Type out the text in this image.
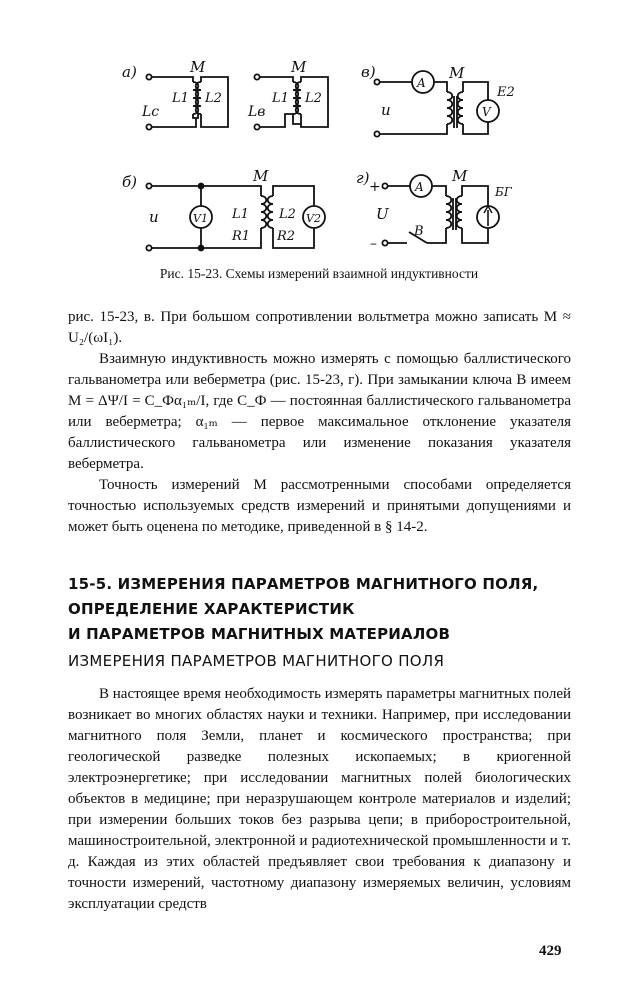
а)	M
L1 L2
Lc
M
L1 L2
Lв
в)	M
A
V
u
E2
б)	M
u	V1	V2
L1 L2
R1 R2
г) +
–
M
A
U
B
БГ
Рис. 15-23. Схемы измерений взаимной индуктивности

рис. 15-23, в. При большом сопротивлении вольтметра можно записать M ≈ U₂/(ωI₁).

Взаимную индуктивность можно измерять с помощью баллистического гальванометра или веберметра (рис. 15-23, г). При замыкании ключа B имеем M = ΔΨ/I = C_Фα₁ₘ/I, где C_Ф — постоянная баллистического гальванометра или веберметра; α₁ₘ — первое максимальное отклонение указателя баллистического гальванометра или изменение показания указателя веберметра.

Точность измерений M рассмотренными способами определяется точностью используемых средств измерений и принятыми допущениями и может быть оценена по методике, приведенной в § 14-2.

15-5. ИЗМЕРЕНИЯ ПАРАМЕТРОВ МАГНИТНОГО ПОЛЯ,
ОПРЕДЕЛЕНИЕ ХАРАКТЕРИСТИК
И ПАРАМЕТРОВ МАГНИТНЫХ МАТЕРИАЛОВ
ИЗМЕРЕНИЯ ПАРАМЕТРОВ МАГНИТНОГО ПОЛЯ

В настоящее время необходимость измерять параметры магнитных полей возникает во многих областях науки и техники. Например, при исследовании магнитного поля Земли, планет и космического пространства; при геологической разведке полезных ископаемых; в криогенной электроэнергетике; при исследовании магнитных полей биологических объектов в медицине; при неразрушающем контроле материалов и изделий; при измерении больших токов без разрыва цепи; в приборостроительной, машиностроительной, электронной и радиотехнической промышленности и т. д. Каждая из этих областей предъявляет свои требования к диапазону и точности измерений, частотному диапазону измеряемых величин, условиям эксплуатации средств

429
